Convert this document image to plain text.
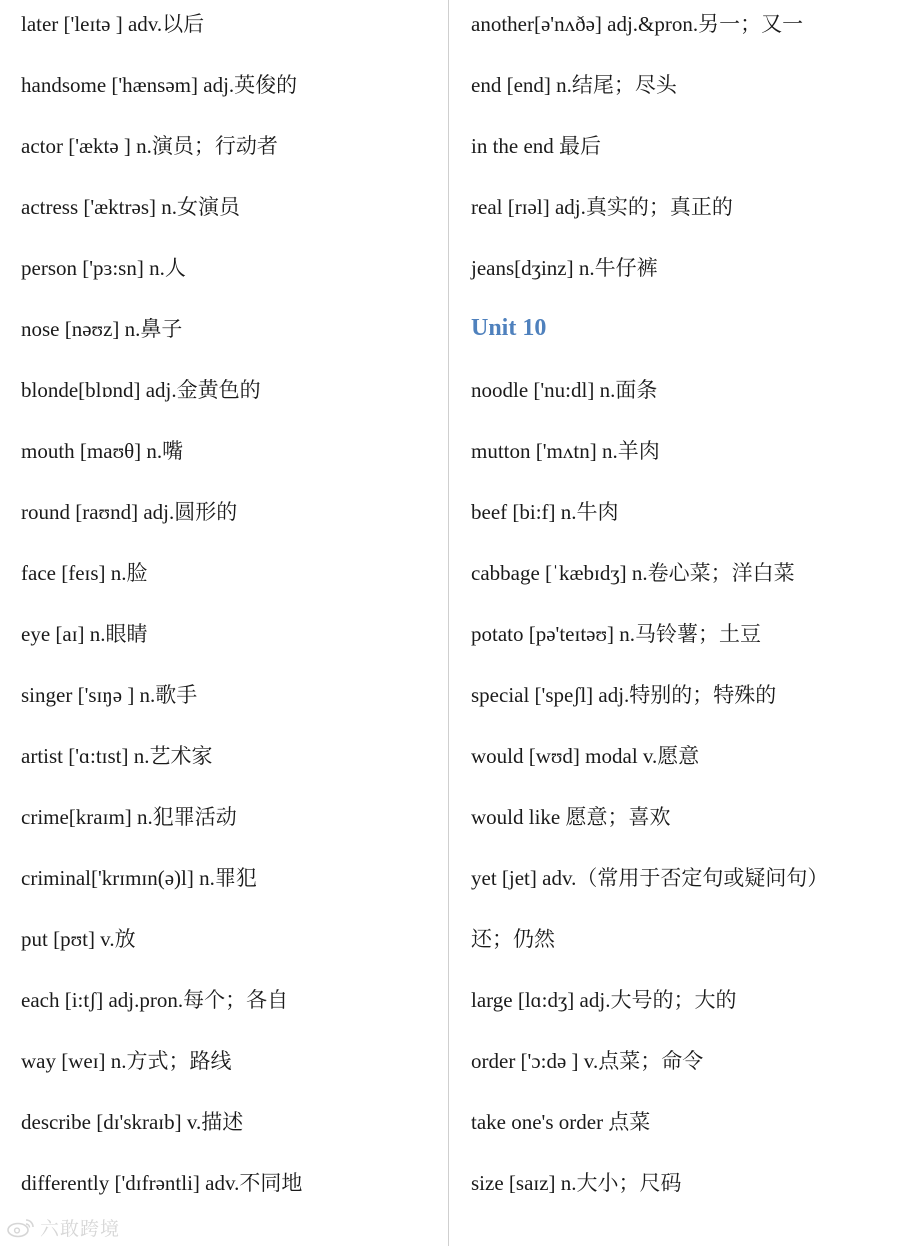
later ['leɪtə ] adv.以后
handsome ['hænsəm] adj.英俊的
actor ['æktə ] n.演员；行动者
actress ['æktrəs] n.女演员
person ['pɜ:sn] n.人
nose [nəʊz] n.鼻子
blonde[blɒnd] adj.金黄色的
mouth [maʊθ] n.嘴
round [raʊnd] adj.圆形的
face [feɪs] n.脸
eye [aɪ] n.眼睛
singer ['sɪŋə ] n.歌手
artist ['ɑ:tɪst] n.艺术家
crime[kraɪm] n.犯罪活动
criminal['krɪmɪn(ə)l] n.罪犯
put [pʊt] v.放
each [i:tʃ] adj.pron.每个；各自
way [weɪ] n.方式；路线
describe [dɪ'skraɪb] v.描述
differently ['dɪfrəntli] adv.不同地
another[ə'nʌðə] adj.&pron.另一；又一
end [end] n.结尾；尽头
in the end 最后
real [rɪəl] adj.真实的；真正的
jeans[dʒinz] n.牛仔裤
Unit 10
noodle ['nu:dl] n.面条
mutton ['mʌtn] n.羊肉
beef [bi:f] n.牛肉
cabbage [ˈkæbɪdʒ] n.卷心菜；洋白菜
potato [pə'teɪtəʊ] n.马铃薯；土豆
special ['speʃl] adj.特别的；特殊的
would [wʊd] modal v.愿意
would like 愿意；喜欢
yet [jet] adv.（常用于否定句或疑问句）
还；仍然
large [lɑ:dʒ] adj.大号的；大的
order ['ɔ:də ] v.点菜；命令
take one's order 点菜
size [saɪz] n.大小；尺码
六敢跨境
